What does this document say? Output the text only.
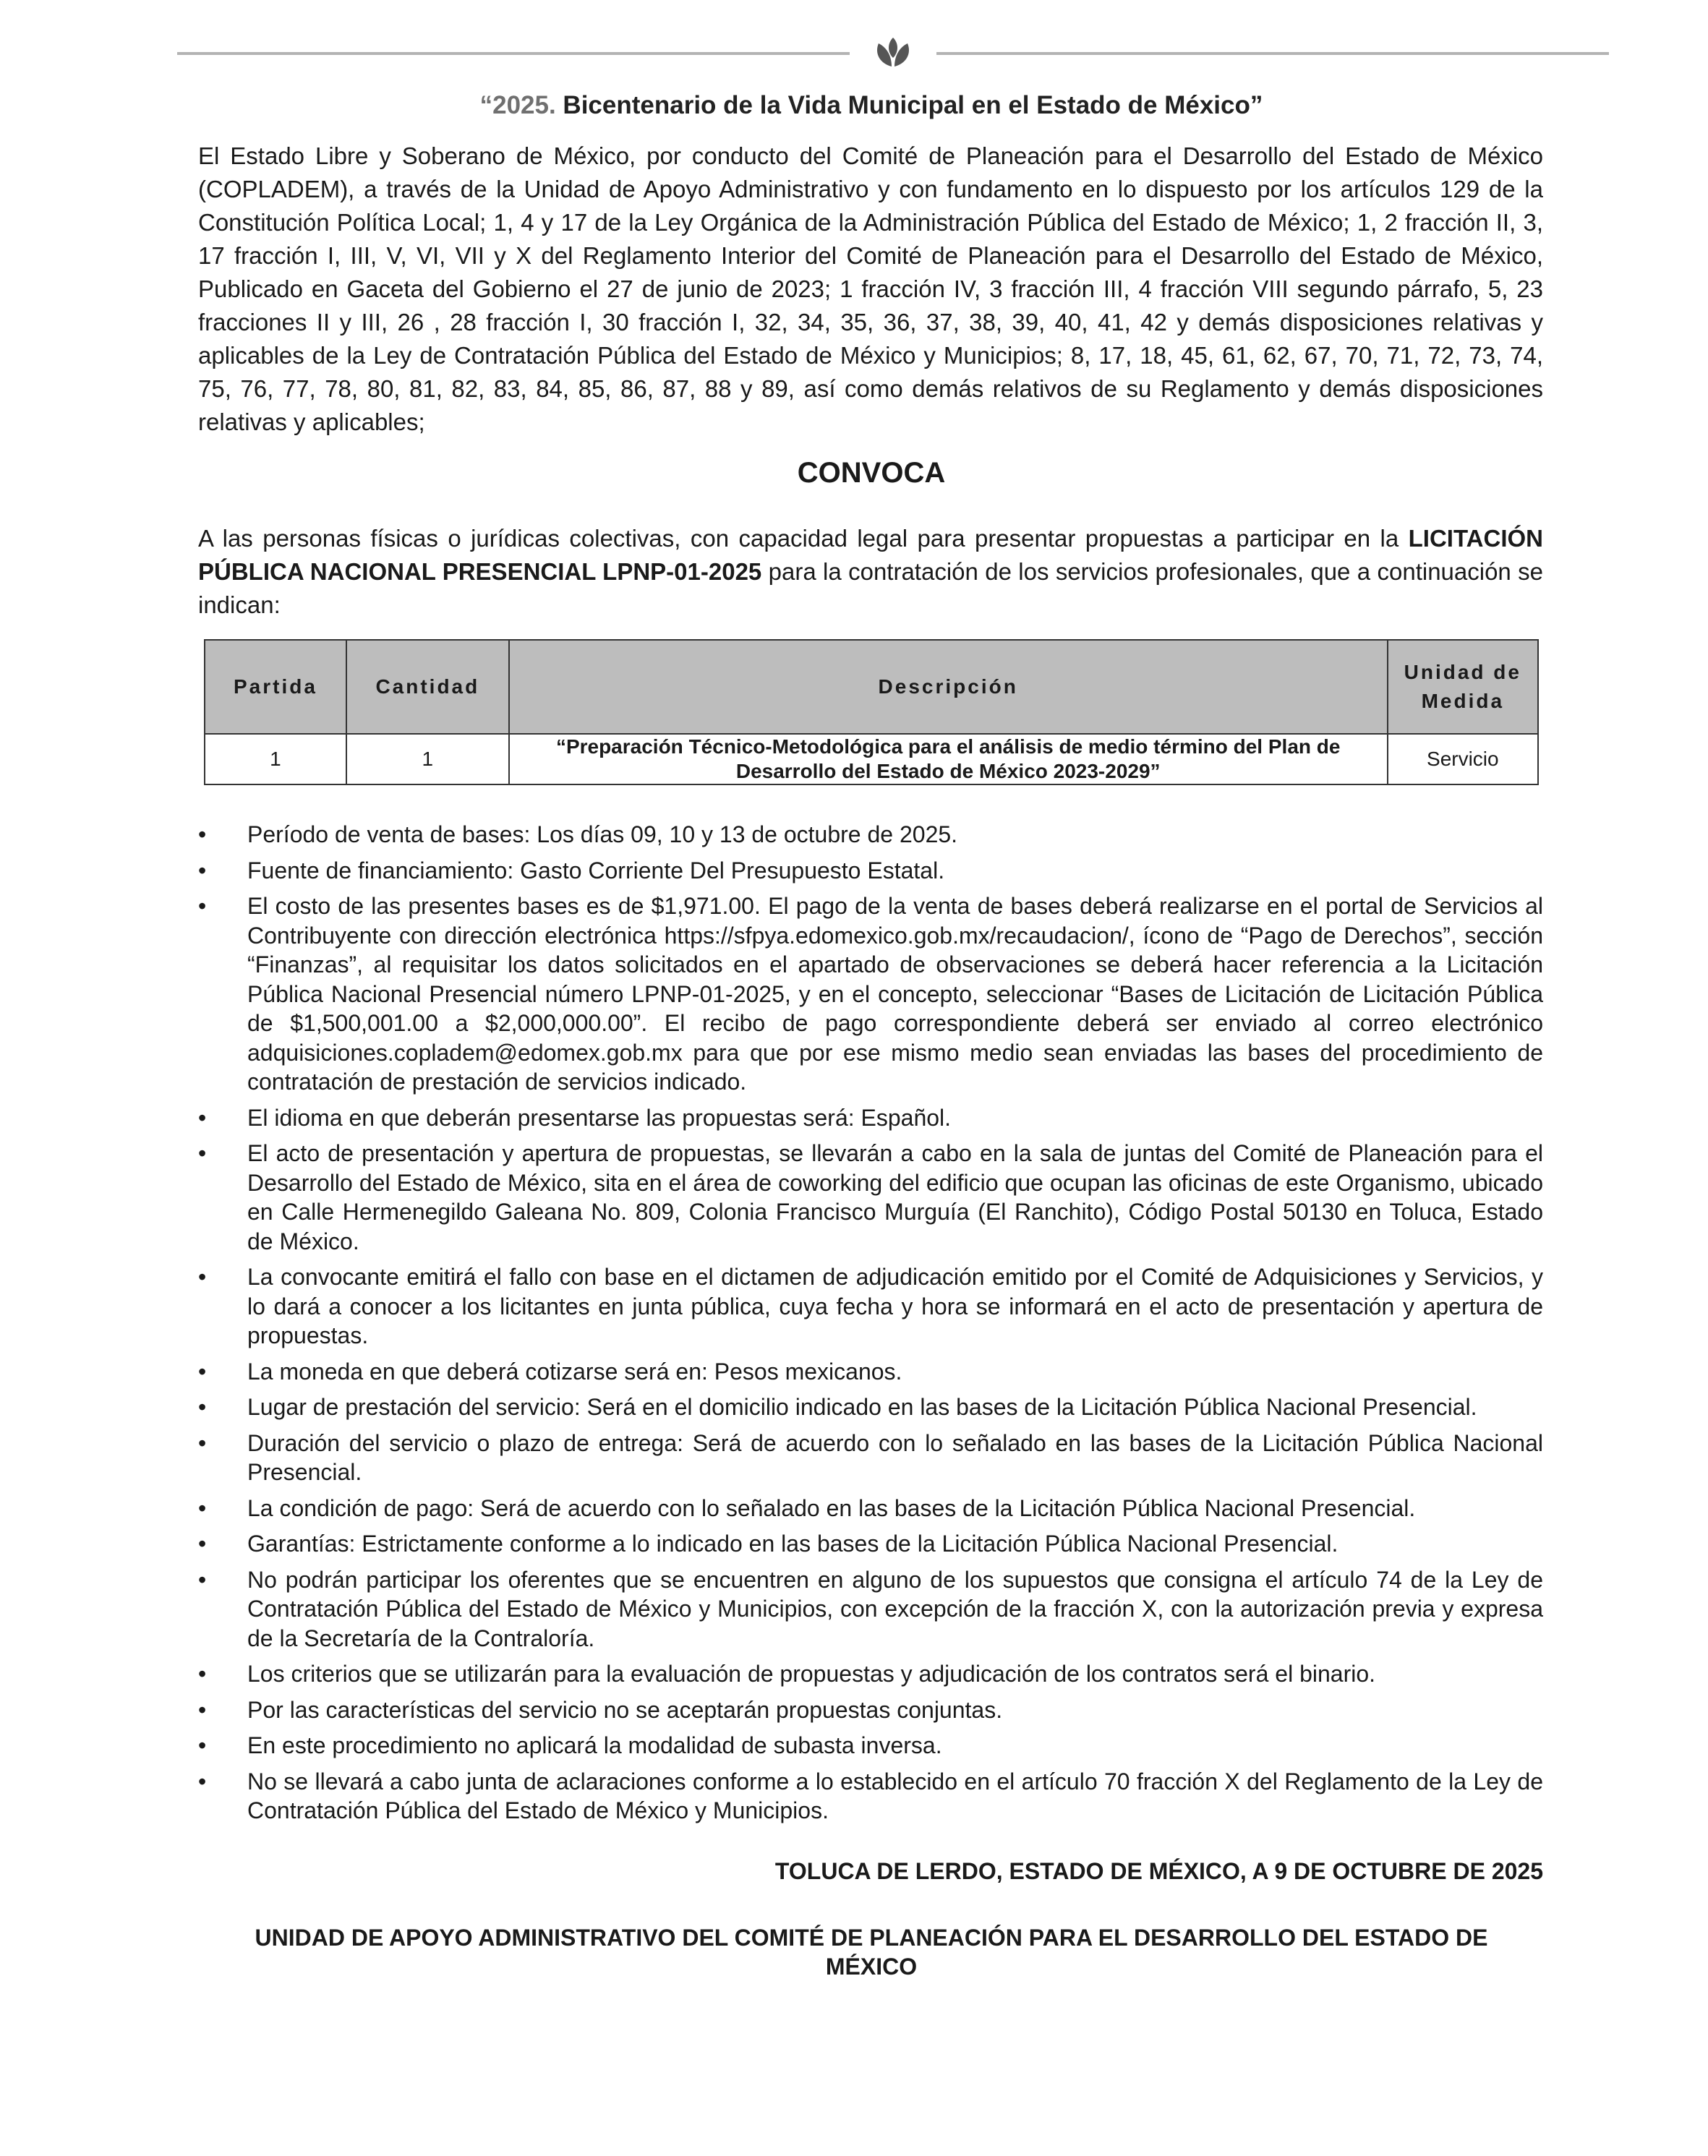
“2025. Bicentenario de la Vida Municipal en el Estado de México”

El Estado Libre y Soberano de México, por conducto del Comité de Planeación para el Desarrollo del Estado de México (COPLADEM), a través de la Unidad de Apoyo Administrativo y con fundamento en lo dispuesto por los artículos 129 de la Constitución Política Local; 1, 4 y 17 de la Ley Orgánica de la Administración Pública del Estado de México; 1, 2 fracción II, 3, 17 fracción I, III, V, VI, VII y X del Reglamento Interior del Comité de Planeación para el Desarrollo del Estado de México, Publicado en Gaceta del Gobierno el 27 de junio de 2023; 1 fracción IV, 3 fracción III, 4 fracción VIII segundo párrafo, 5, 23 fracciones II y III, 26 , 28 fracción I, 30 fracción I, 32, 34, 35, 36, 37, 38, 39, 40, 41, 42 y demás disposiciones relativas y aplicables de la Ley de Contratación Pública del Estado de México y Municipios; 8, 17, 18, 45, 61, 62, 67, 70, 71, 72, 73, 74, 75, 76, 77, 78, 80, 81, 82, 83, 84, 85, 86, 87, 88 y 89, así como demás relativos de su Reglamento y demás disposiciones relativas y aplicables;

CONVOCA

A las personas físicas o jurídicas colectivas, con capacidad legal para presentar propuestas a participar en la LICITACIÓN PÚBLICA NACIONAL PRESENCIAL LPNP-01-2025 para la contratación de los servicios profesionales, que a continuación se indican:

Partida	Cantidad	Descripción	Unidad de Medida
1	1	“Preparación Técnico-Metodológica para el análisis de medio término del Plan de Desarrollo del Estado de México 2023-2029”	Servicio
•	Período de venta de bases: Los días 09, 10 y 13 de octubre de 2025.
•	Fuente de financiamiento: Gasto Corriente Del Presupuesto Estatal.
•	El costo de las presentes bases es de $1,971.00. El pago de la venta de bases deberá realizarse en el portal de Servicios al Contribuyente con dirección electrónica https://sfpya.edomexico.gob.mx/recaudacion/, ícono de “Pago de Derechos”, sección “Finanzas”, al requisitar los datos solicitados en el apartado de observaciones se deberá hacer referencia a la Licitación Pública Nacional Presencial número LPNP-01-2025, y en el concepto, seleccionar “Bases de Licitación de Licitación Pública de $1,500,001.00 a $2,000,000.00”. El recibo de pago correspondiente deberá ser enviado al correo electrónico adquisiciones.copladem@edomex.gob.mx para que por ese mismo medio sean enviadas las bases del procedimiento de contratación de prestación de servicios indicado.
•	El idioma en que deberán presentarse las propuestas será: Español.
•	El acto de presentación y apertura de propuestas, se llevarán a cabo en la sala de juntas del Comité de Planeación para el Desarrollo del Estado de México, sita en el área de coworking del edificio que ocupan las oficinas de este Organismo, ubicado en Calle Hermenegildo Galeana No. 809, Colonia Francisco Murguía (El Ranchito), Código Postal 50130 en Toluca, Estado de México.
•	La convocante emitirá el fallo con base en el dictamen de adjudicación emitido por el Comité de Adquisiciones y Servicios, y lo dará a conocer a los licitantes en junta pública, cuya fecha y hora se informará en el acto de presentación y apertura de propuestas.
•	La moneda en que deberá cotizarse será en: Pesos mexicanos.
•	Lugar de prestación del servicio: Será en el domicilio indicado en las bases de la Licitación Pública Nacional Presencial.
•	Duración del servicio o plazo de entrega: Será de acuerdo con lo señalado en las bases de la Licitación Pública Nacional Presencial.
•	La condición de pago: Será de acuerdo con lo señalado en las bases de la Licitación Pública Nacional Presencial.
•	Garantías: Estrictamente conforme a lo indicado en las bases de la Licitación Pública Nacional Presencial.
•	No podrán participar los oferentes que se encuentren en alguno de los supuestos que consigna el artículo 74 de la Ley de Contratación Pública del Estado de México y Municipios, con excepción de la fracción X, con la autorización previa y expresa de la Secretaría de la Contraloría.
•	Los criterios que se utilizarán para la evaluación de propuestas y adjudicación de los contratos será el binario.
•	Por las características del servicio no se aceptarán propuestas conjuntas.
•	En este procedimiento no aplicará la modalidad de subasta inversa.
•	No se llevará a cabo junta de aclaraciones conforme a lo establecido en el artículo 70 fracción X del Reglamento de la Ley de Contratación Pública del Estado de México y Municipios.

TOLUCA DE LERDO, ESTADO DE MÉXICO, A 9 DE OCTUBRE DE 2025

UNIDAD DE APOYO ADMINISTRATIVO DEL COMITÉ DE PLANEACIÓN PARA EL DESARROLLO DEL ESTADO DE MÉXICO
